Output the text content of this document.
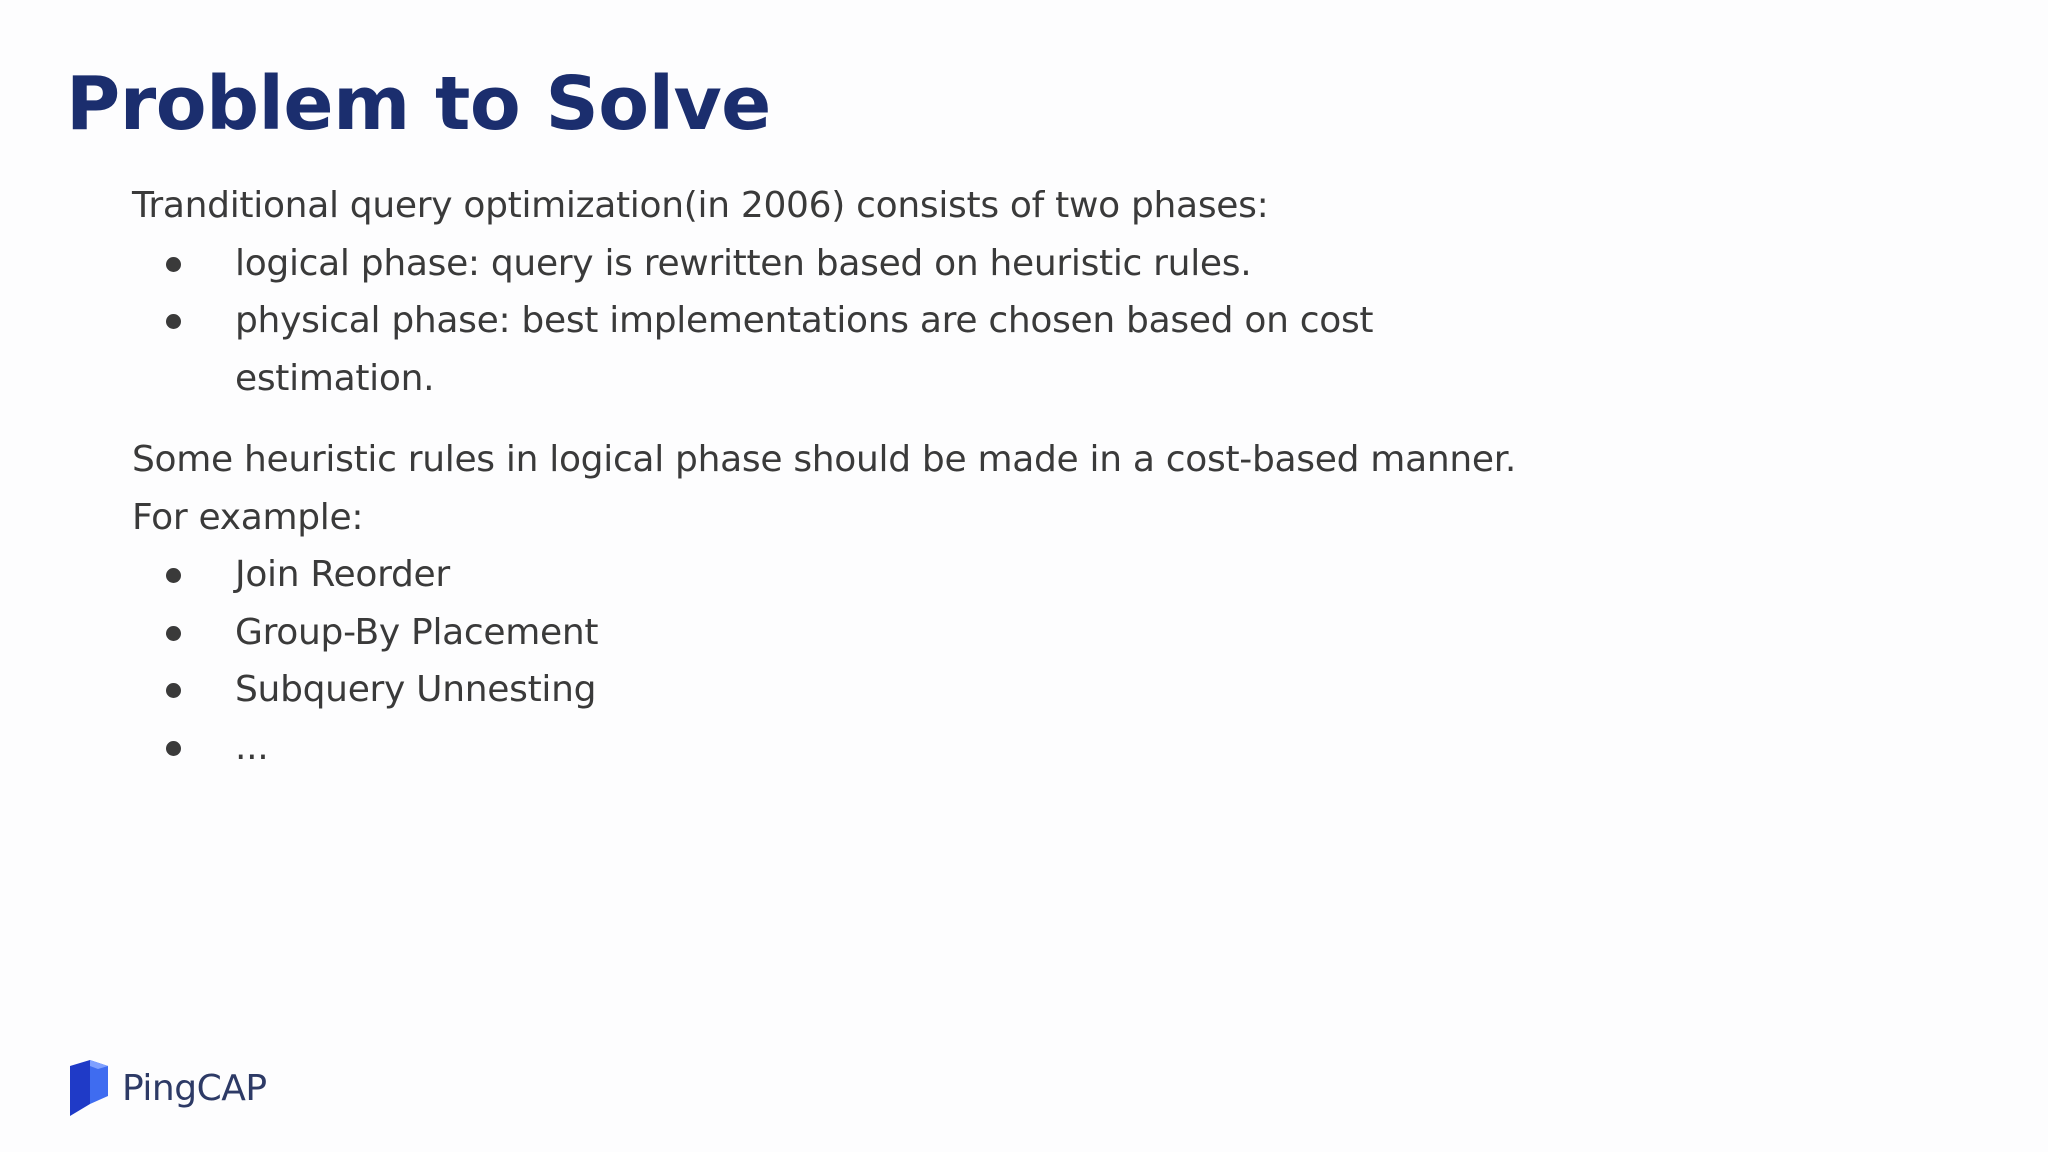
Problem to Solve

Tranditional query optimization(in 2006) consists of two phases:

logical phase: query is rewritten based on heuristic rules.
physical phase: best implementations are chosen based on cost estimation.

Some heuristic rules in logical phase should be made in a cost-based manner.

For example:

Join Reorder
Group-By Placement
Subquery Unnesting
...
PingCAP
